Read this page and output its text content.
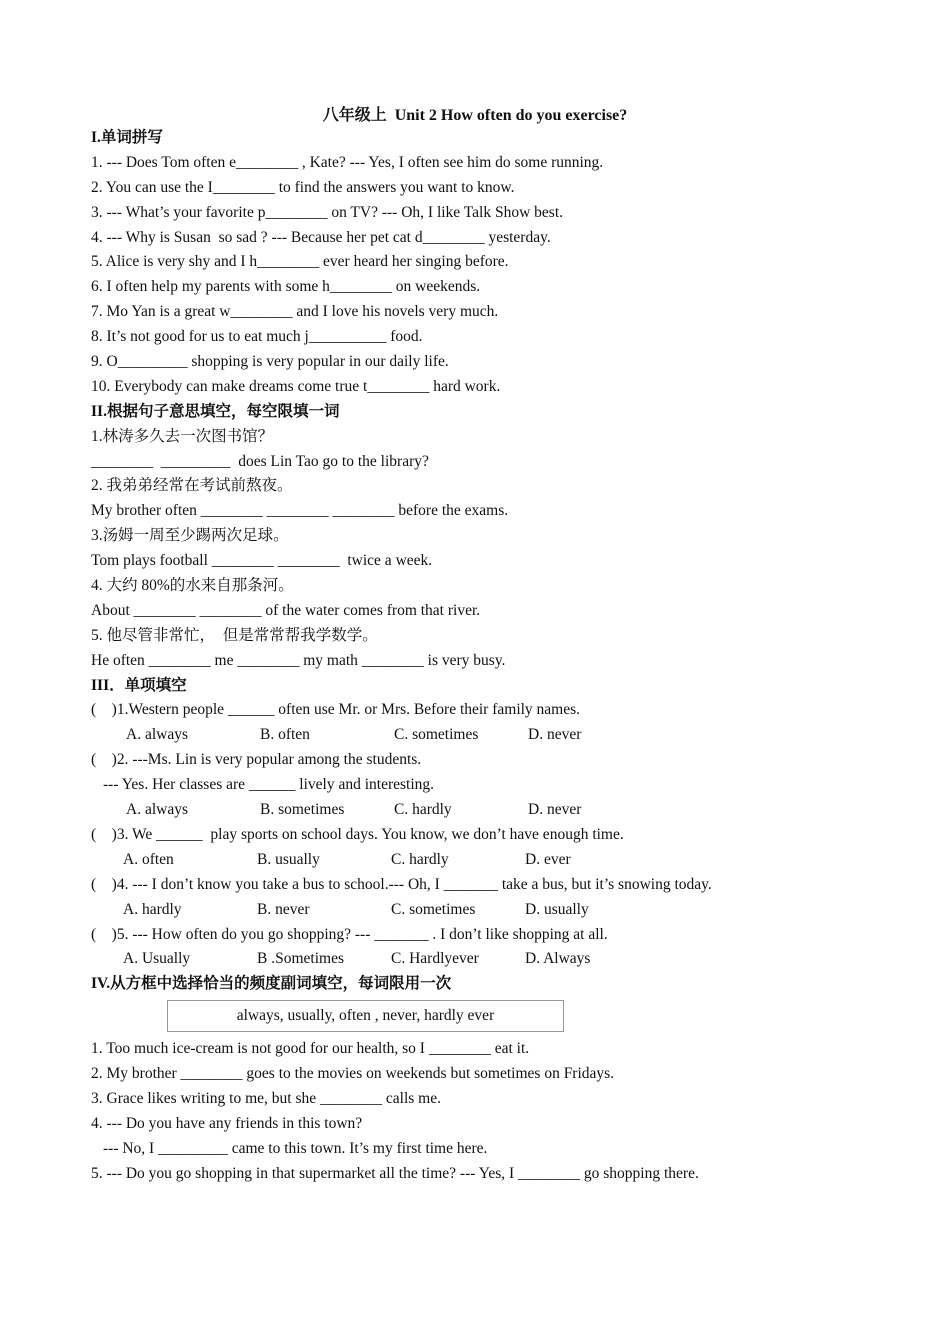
八年级上  Unit 2 How often do you exercise?
I.单词拼写
1. --- Does Tom often e________ , Kate? --- Yes, I often see him do some running.
2. You can use the I________ to find the answers you want to know.
3. --- What’s your favorite p________ on TV? --- Oh, I like Talk Show best.
4. --- Why is Susan  so sad ? --- Because her pet cat d________ yesterday.
5. Alice is very shy and I h________ ever heard her singing before.
6. I often help my parents with some h________ on weekends.
7. Mo Yan is a great w________ and I love his novels very much.
8. It’s not good for us to eat much j__________ food.
9. O_________ shopping is very popular in our daily life.
10. Everybody can make dreams come true t________ hard work.
II.根据句子意思填空，每空限填一词
1.林涛多久去一次图书馆？
________  _________  does Lin Tao go to the library?
2. 我弟弟经常在考试前熬夜。
My brother often ________ ________ ________ before the exams.
3.汤姆一周至少踢两次足球。
Tom plays football ________ ________  twice a week.
4. 大约 80%的水来自那条河。
About ________ ________ of the water comes from that river.
5. 他尽管非常忙，  但是常常帮我学数学。
He often ________ me ________ my math ________ is very busy.
III．单项填空
(    )1.Western people ______ often use Mr. or Mrs. Before their family names.
A. always	B. often	C. sometimes	D. never
(    )2. ---Ms. Lin is very popular among the students.
--- Yes. Her classes are ______ lively and interesting.
A. always	B. sometimes	C. hardly	D. never
(    )3. We ______  play sports on school days. You know, we don’t have enough time.
A. often	B. usually	C. hardly	D. ever
(    )4. --- I don’t know you take a bus to school.--- Oh, I _______ take a bus, but it’s snowing today.
A. hardly	B. never	C. sometimes	D. usually
(    )5. --- How often do you go shopping? --- _______ . I don’t like shopping at all.
A. Usually	B .Sometimes	C. Hardlyever	D. Always
IV.从方框中选择恰当的频度副词填空，每词限用一次
always, usually, often , never, hardly ever
1. Too much ice-cream is not good for our health, so I ________ eat it.
2. My brother ________ goes to the movies on weekends but sometimes on Fridays.
3. Grace likes writing to me, but she ________ calls me.
4. --- Do you have any friends in this town?
--- No, I _________ came to this town. It’s my first time here.
5. --- Do you go shopping in that supermarket all the time? --- Yes, I ________ go shopping there.
